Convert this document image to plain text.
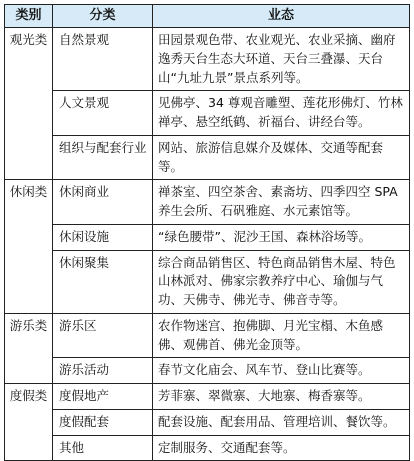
类别	分类	业态
观光类	自然景观	田园景观色带、农业观光、农业采摘、幽府逸秀天台生态大环道、天台三叠瀑、天台山“九址九景”景点系列等。
	人文景观	见佛亭、34 尊观音雕塑、莲花形佛灯、竹林禅亭、悬空纸鹤、祈福台、讲经台等。
	组织与配套行业	网站、旅游信息媒介及媒体、交通等配套等。
休闲类	休闲商业	禅茶室、四空茶舍、素斋坊、四季四空 SPA 养生会所、石矾雅庭、水元素馆等。
	休闲设施	“绿色腰带”、泥沙王国、森林浴场等。
	休闲聚集	综合商品销售区、特色商品销售木屋、特色山林派对、佛家宗教养疗中心、瑜伽与气功、天佛寺、佛光寺、佛音寺等。
游乐类	游乐区	农作物迷宫、抱佛脚、月光宝榻、木鱼感佛、观佛首、佛光金顶等。
	游乐活动	春节文化庙会、风车节、登山比赛等。
度假类	度假地产	芳菲寨、翠微寨、大地寨、梅香寨等。
	度假配套	配套设施、配套用品、管理培训、餐饮等。
	其他	定制服务、交通配套等。
